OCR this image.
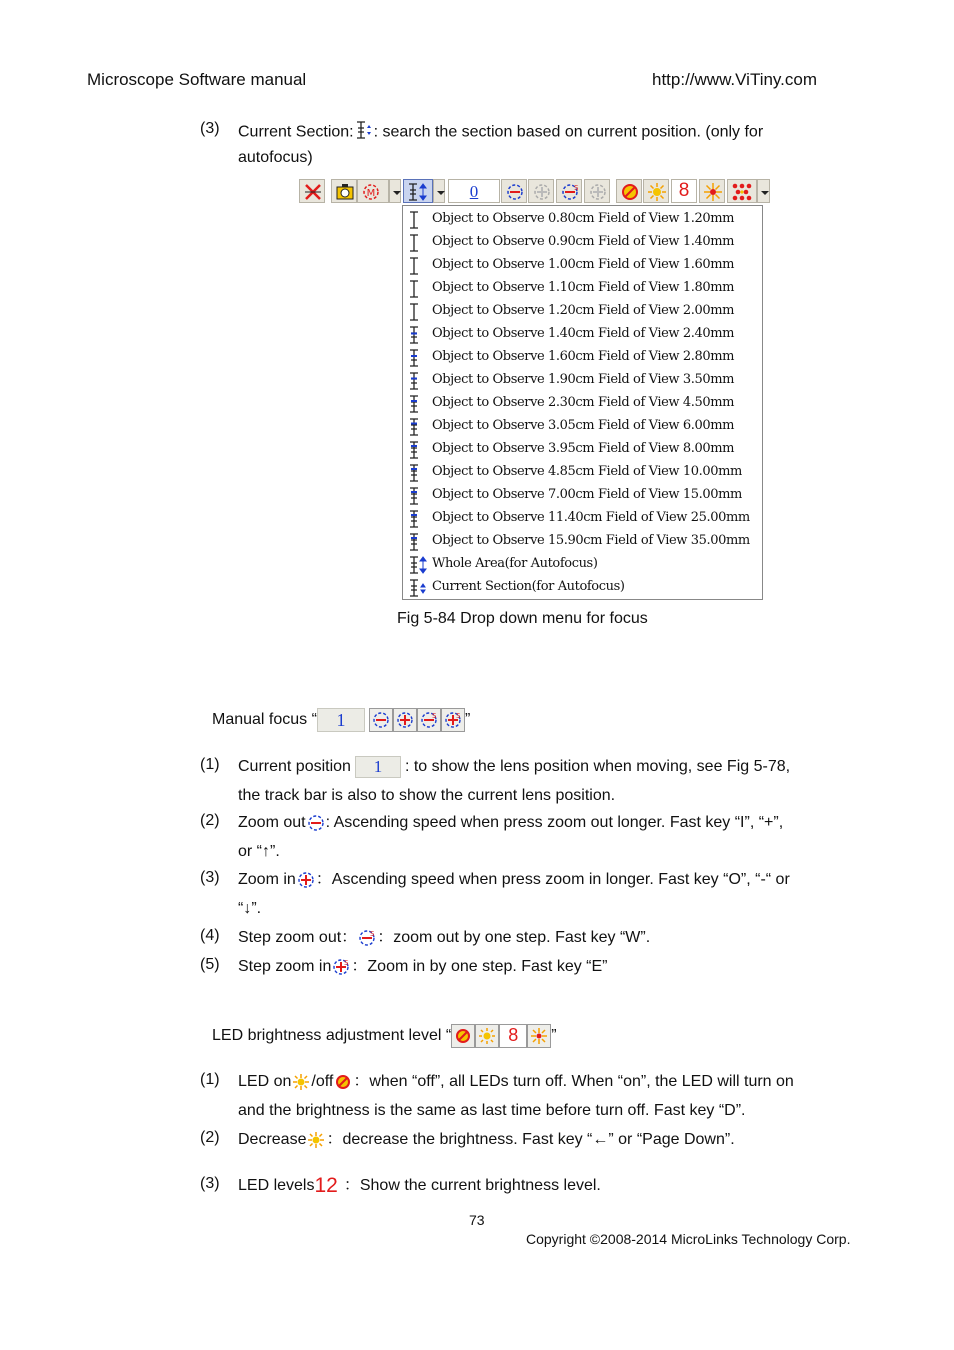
Microscope Software manual	http://www.ViTiny.com
(3) Current Section: : search the section based on current position. (only for
autofocus)
M	0	S	8
Object to Observe 0.80cm Field of View 1.20mm
Object to Observe 0.90cm Field of View 1.40mm
Object to Observe 1.00cm Field of View 1.60mm
Object to Observe 1.10cm Field of View 1.80mm
Object to Observe 1.20cm Field of View 2.00mm
Object to Observe 1.40cm Field of View 2.40mm
Object to Observe 1.60cm Field of View 2.80mm
Object to Observe 1.90cm Field of View 3.50mm
Object to Observe 2.30cm Field of View 4.50mm
Object to Observe 3.05cm Field of View 6.00mm
Object to Observe 3.95cm Field of View 8.00mm
Object to Observe 4.85cm Field of View 10.00mm
Object to Observe 7.00cm Field of View 15.00mm
Object to Observe 11.40cm Field of View 25.00mm
Object to Observe 15.90cm Field of View 35.00mm
Whole Area(for Autofocus)
Current Section(for Autofocus)
Fig 5-84 Drop down menu for focus
Manual focus “ 1	S	S ”
(1) Current position 1 : to show the lens position when moving, see Fig 5-78,
the track bar is also to show the current lens position.
(2) Zoom out : Ascending speed when press zoom out longer. Fast key “I”, “+”,
or “↑”.
(3) Zoom in ：Ascending speed when press zoom in longer. Fast key “O”, “-“ or
“↓”.
(4) Step zoom out： S ：zoom out by one step. Fast key “W”.
(5) Step zoom in S ：Zoom in by one step. Fast key “E”
LED brightness adjustment level “	8	”
(1) LED on /off ：when “off”, all LEDs turn off. When “on”, the LED will turn on
and the brightness is the same as last time before turn off. Fast key “D”.
(2) Decrease ：decrease the brightness. Fast key “←” or “Page Down”.
(3) LED levels12 ：Show the current brightness level.
73
Copyright ©2008-2014 MicroLinks Technology Corp.
